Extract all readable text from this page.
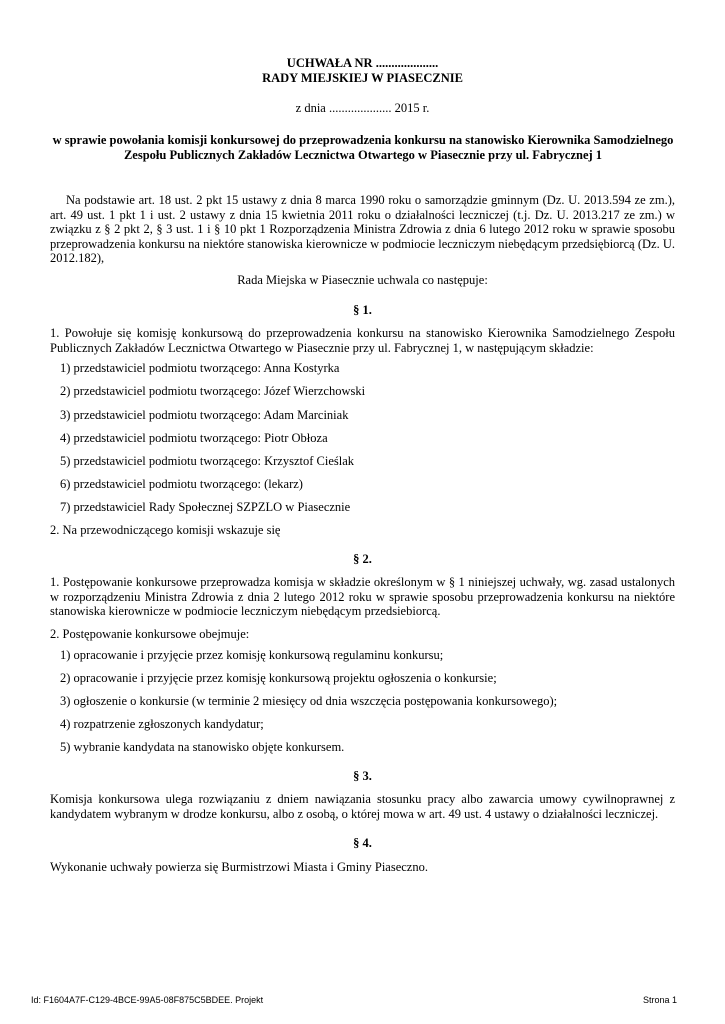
UCHWAŁA NR ....................
RADY MIEJSKIEJ W PIASECZNIE
z dnia .................... 2015 r.
w sprawie powołania komisji konkursowej do przeprowadzenia konkursu na stanowisko Kierownika Samodzielnego Zespołu Publicznych Zakładów Lecznictwa Otwartego w Piasecznie przy ul. Fabrycznej 1

Na podstawie art. 18 ust. 2 pkt 15 ustawy z dnia 8 marca 1990 roku o samorządzie gminnym (Dz. U. 2013.594 ze zm.), art. 49 ust. 1 pkt 1 i ust. 2 ustawy z dnia 15 kwietnia 2011 roku o działalności leczniczej (t.j. Dz. U. 2013.217 ze zm.) w związku z § 2 pkt 2, § 3 ust. 1 i § 10 pkt 1 Rozporządzenia Ministra Zdrowia z dnia 6 lutego 2012 roku w sprawie sposobu przeprowadzenia konkursu na niektóre stanowiska kierownicze w podmiocie leczniczym niebędącym przedsiębiorcą (Dz. U. 2012.182),

Rada Miejska w Piasecznie uchwala co następuje:

§ 1.

1. Powołuje się komisję konkursową do przeprowadzenia konkursu na stanowisko Kierownika Samodzielnego Zespołu Publicznych Zakładów Lecznictwa Otwartego w Piasecznie przy ul. Fabrycznej 1, w następującym składzie:

1) przedstawiciel podmiotu tworzącego: Anna Kostyrka
2) przedstawiciel podmiotu tworzącego: Józef Wierzchowski
3) przedstawiciel podmiotu tworzącego: Adam Marciniak
4) przedstawiciel podmiotu tworzącego: Piotr Obłoza
5) przedstawiciel podmiotu tworzącego: Krzysztof Cieślak
6) przedstawiciel podmiotu tworzącego: (lekarz)
7) przedstawiciel Rady Społecznej SZPZLO w Piasecznie

2. Na przewodniczącego komisji wskazuje się

§ 2.

1. Postępowanie konkursowe przeprowadza komisja w składzie określonym w § 1 niniejszej uchwały, wg. zasad ustalonych w rozporządzeniu Ministra Zdrowia z dnia 2 lutego 2012 roku w sprawie sposobu przeprowadzenia konkursu na niektóre stanowiska kierownicze w podmiocie leczniczym niebędącym przedsiebiorcą.

2. Postępowanie konkursowe obejmuje:

1) opracowanie i przyjęcie przez komisję konkursową regulaminu konkursu;
2) opracowanie i przyjęcie przez komisję konkursową projektu ogłoszenia o konkursie;
3) ogłoszenie o konkursie (w terminie 2 miesięcy od dnia wszczęcia postępowania konkursowego);
4) rozpatrzenie zgłoszonych kandydatur;
5) wybranie kandydata na stanowisko objęte konkursem.

§ 3.

Komisja konkursowa ulega rozwiązaniu z dniem nawiązania stosunku pracy albo zawarcia umowy cywilnoprawnej z kandydatem wybranym w drodze konkursu, albo z osobą, o której mowa w art. 49 ust. 4 ustawy o działalności leczniczej.

§ 4.

Wykonanie uchwały powierza się Burmistrzowi Miasta i Gminy Piaseczno.

Id: F1604A7F-C129-4BCE-99A5-08F875C5BDEE. Projekt	Strona 1
